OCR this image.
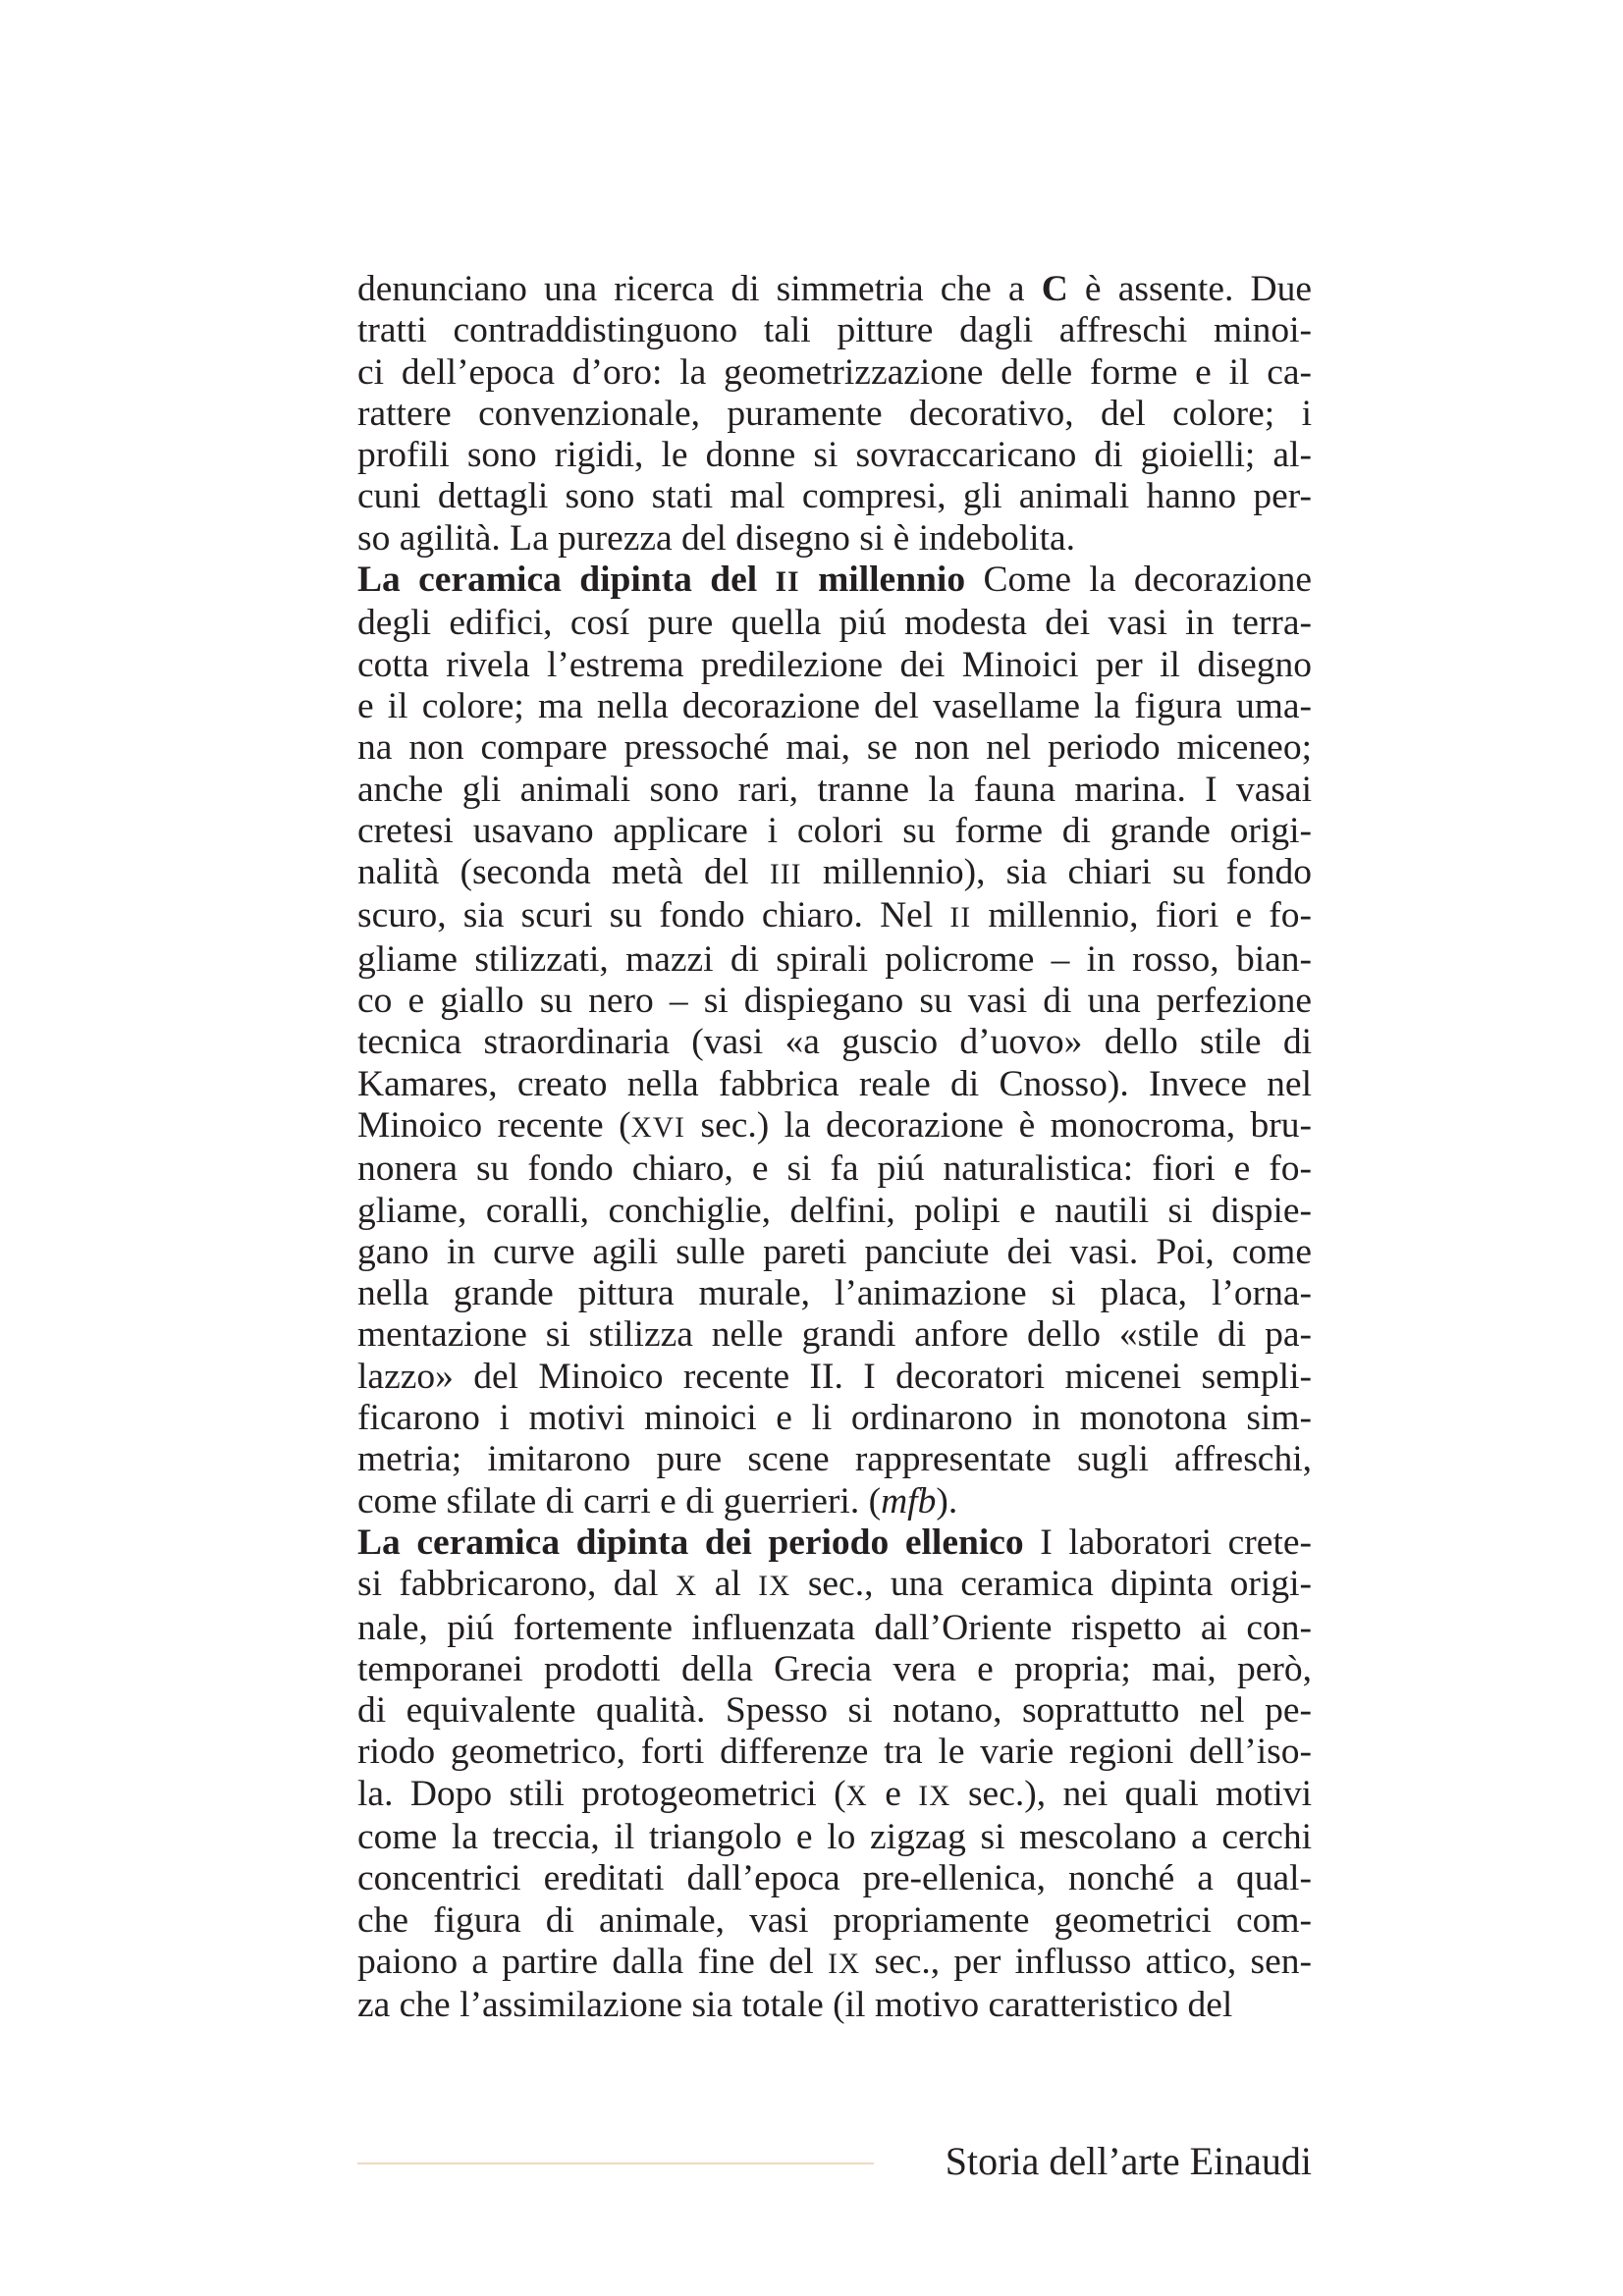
denunciano una ricerca di simmetria che a C è assente. Due
tratti contraddistinguono tali pitture dagli affreschi minoi-
ci dell’epoca d’oro: la geometrizzazione delle forme e il ca-
rattere convenzionale, puramente decorativo, del colore; i
profili sono rigidi, le donne si sovraccaricano di gioielli; al-
cuni dettagli sono stati mal compresi, gli animali hanno per-
so agilità. La purezza del disegno si è indebolita.
La ceramica dipinta del II millennio Come la decorazione
degli edifici, cosí pure quella piú modesta dei vasi in terra-
cotta rivela l’estrema predilezione dei Minoici per il disegno
e il colore; ma nella decorazione del vasellame la figura uma-
na non compare pressoché mai, se non nel periodo miceneo;
anche gli animali sono rari, tranne la fauna marina. I vasai
cretesi usavano applicare i colori su forme di grande origi-
nalità (seconda metà del III millennio), sia chiari su fondo
scuro, sia scuri su fondo chiaro. Nel II millennio, fiori e fo-
gliame stilizzati, mazzi di spirali policrome – in rosso, bian-
co e giallo su nero – si dispiegano su vasi di una perfezione
tecnica straordinaria (vasi «a guscio d’uovo» dello stile di
Kamares, creato nella fabbrica reale di Cnosso). Invece nel
Minoico recente (XVI sec.) la decorazione è monocroma, bru-
nonera su fondo chiaro, e si fa piú naturalistica: fiori e fo-
gliame, coralli, conchiglie, delfini, polipi e nautili si dispie-
gano in curve agili sulle pareti panciute dei vasi. Poi, come
nella grande pittura murale, l’animazione si placa, l’orna-
mentazione si stilizza nelle grandi anfore dello «stile di pa-
lazzo» del Minoico recente II. I decoratori micenei sempli-
ficarono i motivi minoici e li ordinarono in monotona sim-
metria; imitarono pure scene rappresentate sugli affreschi,
come sfilate di carri e di guerrieri. (mfb).
La ceramica dipinta dei periodo ellenico I laboratori crete-
si fabbricarono, dal X al IX sec., una ceramica dipinta origi-
nale, piú fortemente influenzata dall’Oriente rispetto ai con-
temporanei prodotti della Grecia vera e propria; mai, però,
di equivalente qualità. Spesso si notano, soprattutto nel pe-
riodo geometrico, forti differenze tra le varie regioni dell’iso-
la. Dopo stili protogeometrici (X e IX sec.), nei quali motivi
come la treccia, il triangolo e lo zigzag si mescolano a cerchi
concentrici ereditati dall’epoca pre-ellenica, nonché a qual-
che figura di animale, vasi propriamente geometrici com-
paiono a partire dalla fine del IX sec., per influsso attico, sen-
za che l’assimilazione sia totale (il motivo caratteristico del
Storia dell’arte Einaudi
